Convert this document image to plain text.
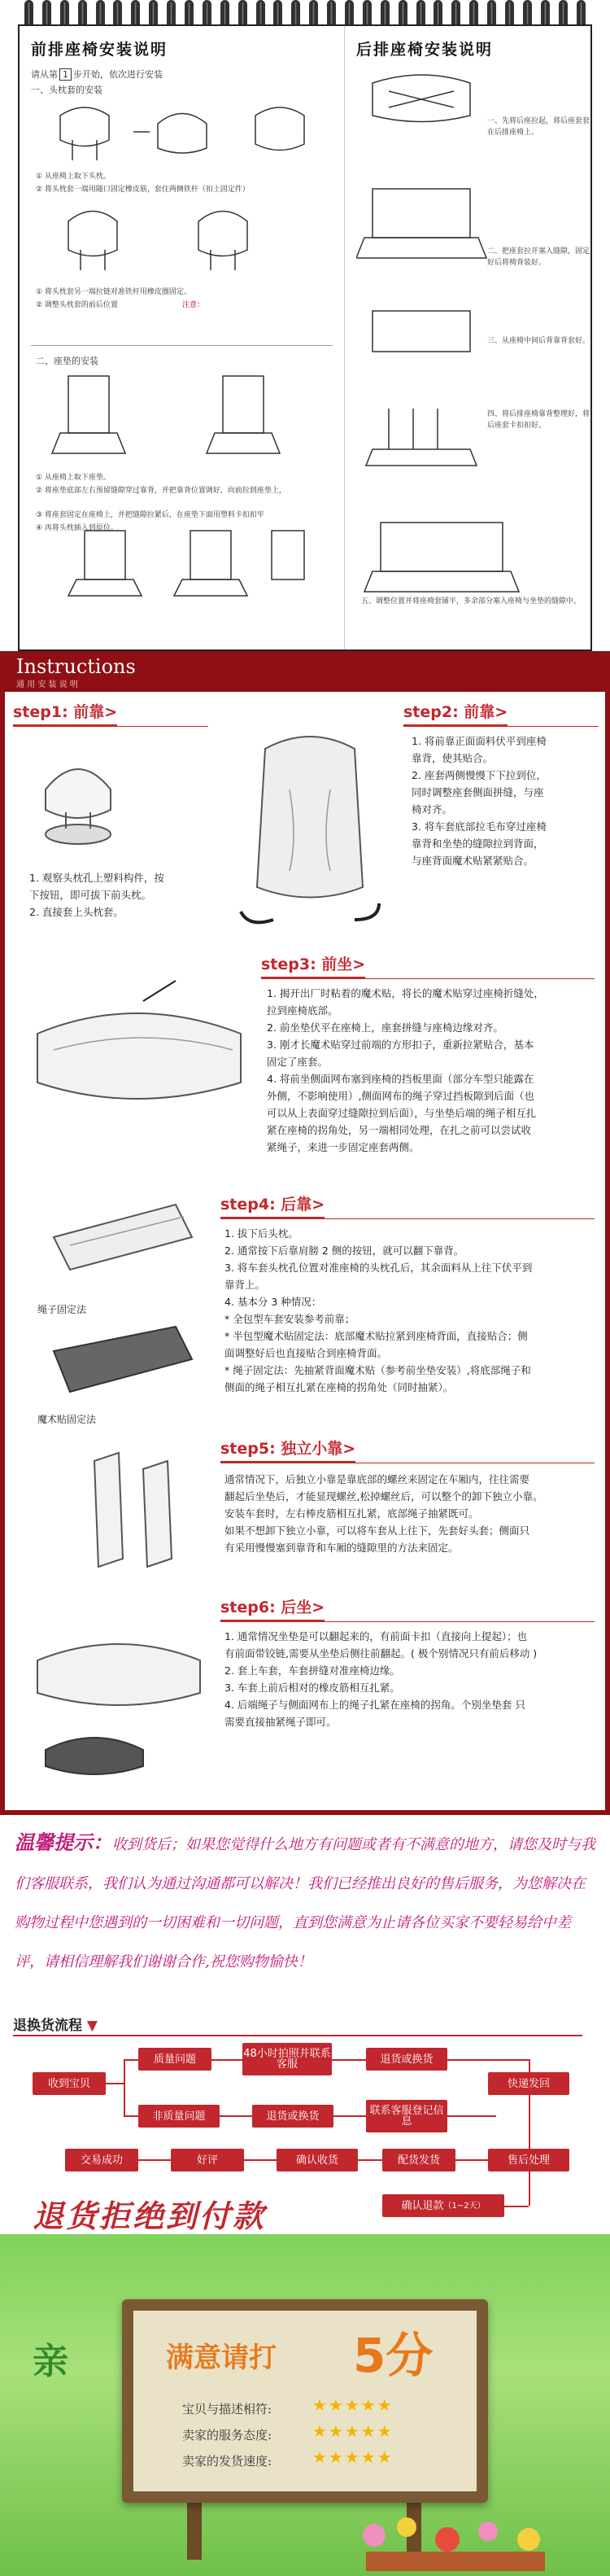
前排座椅安装说明
请从第 1 步开始，依次进行安装
一、头枕套的安装
① 从座椅上取下头枕。
② 将头枕套一端用随口固定橡皮筋，套住两侧铁杆（扣上固定件）
① 将头枕套另一端拉链对准铁杆用橡皮圈固定。
② 调整头枕套的前后位置	注意：
二、座垫的安装
① 从座椅上取下座垫。
② 将座垫底部左右预留缝隙穿过靠背，并把靠背位置调好，向前拉到座垫上，
③ 将座套固定在座椅上，并把缝隙拉紧后，在座垫下面用塑料卡扣扣牢
④ 再将头枕插入到原位。
后排座椅安装说明
一、先将后座拉起，将后座套套在后排座椅上。
二、把座套拉开塞入缝隙，固定好后将椅背装好。
三、从座椅中间后背靠背套好。
四、将后排座椅靠背整理好，将后座套卡扣扣好。
五、调整位置并将座椅套铺平，多余部分塞入座椅与坐垫的缝隙中。
Instructions
通 用 安 装 说 明
step1: 前靠>

1. 观察头枕孔上塑料构件，按

下按钮，即可拔下前头枕。

2. 直接套上头枕套。

step2: 前靠>

1. 将前靠正面面料伏平到座椅

靠背，使其贴合。

2. 座套两侧慢慢下下拉到位，

同时调整座套侧面拼缝，与座

椅对齐。

3. 将车套底部拉毛布穿过座椅

靠背和坐垫的缝隙拉到背面，

与座背面魔术贴紧紧贴合。

step3: 前坐>

1. 揭开出厂时粘着的魔术贴，将长的魔术贴穿过座椅折缝处，

拉到座椅底部。

2. 前坐垫伏平在座椅上，座套拼缝与座椅边缘对齐。

3. 刚才长魔术贴穿过前端的方形扣子，重新拉紧贴合，基本

固定了座套。

4. 将前坐侧面网布塞到座椅的挡板里面（部分车型只能露在

外侧，不影响使用）,侧面网布的绳子穿过挡板隙到后面（也

可以从上表面穿过缝隙拉到后面），与坐垫后端的绳子相互扎

紧在座椅的拐角处，另一端相同处理，在扎之前可以尝试收

紧绳子，来进一步固定座套两侧。

step4: 后靠>
绳子固定法
魔术贴固定法

1. 拔下后头枕。

2. 通常按下后靠肩膀 2 侧的按钮，就可以翻下靠背。

3. 将车套头枕孔位置对准座椅的头枕孔后，其余面料从上往下伏平到

靠背上。

4. 基本分 3 种情况：

* 全包型车套安装参考前靠；

* 半包型魔术贴固定法：底部魔术贴拉紧到座椅背面，直接贴合；侧

面调整好后也直接贴合到座椅背面。

* 绳子固定法：先抽紧背面魔术贴（参考前坐垫安装）,将底部绳子和

侧面的绳子相互扎紧在座椅的拐角处（同时抽紧）。

step5: 独立小靠>

通常情况下，后独立小靠是靠底部的螺丝来固定在车厢内，往往需要

翻起后坐垫后，才能显现螺丝,松掉螺丝后，可以整个的卸下独立小靠。

安装车套时，左右棒皮筋相互扎紧，底部绳子抽紧既可。

如果不想卸下独立小靠，可以将车套从上往下，先套好头套；侧面只

有采用慢慢塞到靠背和车厢的缝隙里的方法来固定。

step6: 后坐>

1. 通常情况坐垫是可以翻起来的，有前面卡扣（直接向上提起）；也

有前面带铰链,需要从坐垫后侧往前翻起。( 极个别情况只有前后移动 )

2. 套上车套，车套拼缝对准座椅边缘。

3. 车套上前后相对的橡皮筋相互扎紧。

4. 后端绳子与侧面网布上的绳子扎紧在座椅的拐角。个别坐垫套 只

需要直接抽紧绳子即可。

温馨提示：收到货后；如果您觉得什么地方有问题或者有不满意的地方，请您及时与我们客服联系，我们认为通过沟通都可以解决！我们已经推出良好的售后服务，为您解决在购物过程中您遇到的一切困难和一切问题，直到您满意为止请各位买家不要轻易给中差评，请相信理解我们谢谢合作,祝您购物愉快！
退换货流程 ▼
收到宝贝
质量问题	48小时拍照并联系客服	退货或换货
快递发回
非质量问题	退货或换货	联系客服登记信息
售后处理
交易成功	好评	确认收货	配货发货
确认退款 （1~2天）
退货拒绝到付款
亲	满意请打 5分
宝贝与描述相符: ★★★★★
卖家的服务态度: ★★★★★
卖家的发货速度: ★★★★★
